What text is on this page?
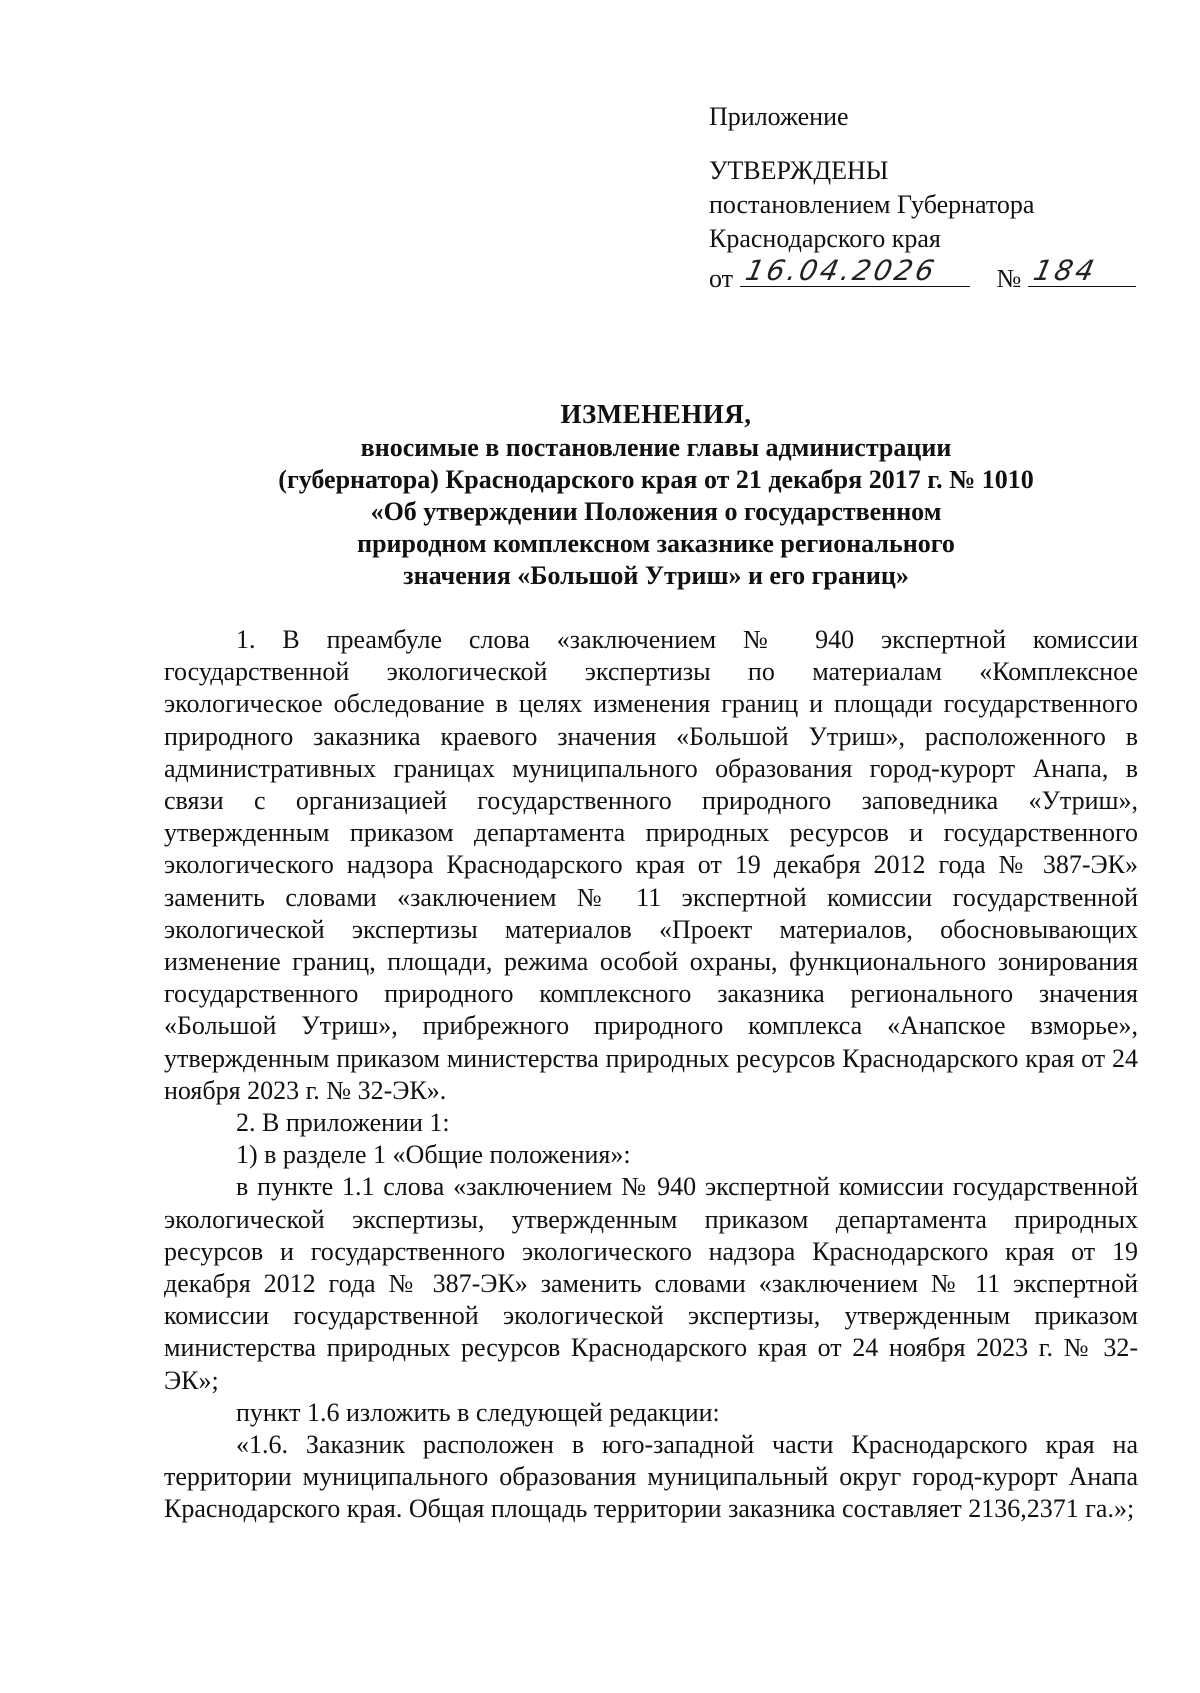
Приложение
УТВЕРЖДЕНЫ
постановлением Губернатора
Краснодарского края
от 16.04.2026 № 184
ИЗМЕНЕНИЯ,
вносимые в постановление главы администрации
(губернатора) Краснодарского края от 21 декабря 2017 г. № 1010
«Об утверждении Положения о государственном
природном комплексном заказнике регионального
значения «Большой Утриш» и его границ»

1. В преамбуле слова «заключением № 940 экспертной комиссии государственной экологической экспертизы по материалам «Комплексное экологическое обследование в целях изменения границ и площади государственного природного заказника краевого значения «Большой Утриш», расположенного в административных границах муниципального образования город-курорт Анапа, в связи с организацией государственного природного заповедника «Утриш», утвержденным приказом департамента природных ресурсов и государственного экологического надзора Краснодарского края от 19 декабря 2012 года № 387-ЭК» заменить словами «заключением № 11 экспертной комиссии государственной экологической экспертизы материалов «Проект материалов, обосновывающих изменение границ, площади, режима особой охраны, функционального зонирования государственного природного комплексного заказника регионального значения «Большой Утриш», прибрежного природного комплекса «Анапское взморье», утвержденным приказом министерства природных ресурсов Краснодарского края от 24 ноября 2023 г. № 32-ЭК».

2. В приложении 1:

1) в разделе 1 «Общие положения»:

в пункте 1.1 слова «заключением № 940 экспертной комиссии государственной экологической экспертизы, утвержденным приказом департамента природных ресурсов и государственного экологического надзора Краснодарского края от 19 декабря 2012 года № 387-ЭК» заменить словами «заключением № 11 экспертной комиссии государственной экологической экспертизы, утвержденным приказом министерства природных ресурсов Краснодарского края от 24 ноября 2023 г. № 32-ЭК»;

пункт 1.6 изложить в следующей редакции:

«1.6. Заказник расположен в юго-западной части Краснодарского края на территории муниципального образования муниципальный округ город-курорт Анапа Краснодарского края. Общая площадь территории заказника составляет 2136,2371 га.»;
